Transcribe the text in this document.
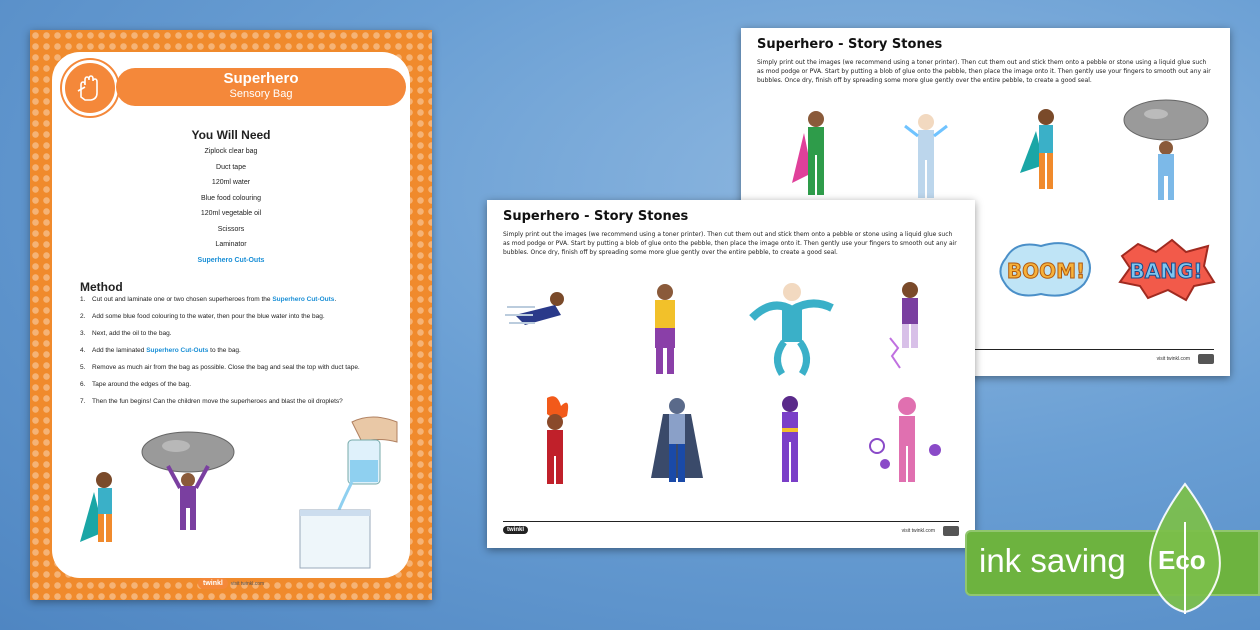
Superhero
Sensory Bag
You Will Need
Ziplock clear bag
Duct tape
120ml water
Blue food colouring
120ml vegetable oil
Scissors
Laminator
Superhero Cut-Outs
Method
1.	Cut out and laminate one or two chosen superheroes from the Superhero Cut-Outs.
2.	Add some blue food colouring to the water, then pour the blue water into the bag.
3.	Next, add the oil to the bag.
4.	Add the laminated Superhero Cut-Outs to the bag.
5.	Remove as much air from the bag as possible. Close the bag and seal the top with duct tape.
6.	Tape around the edges of the bag.
7.	Then the fun begins! Can the children move the superheroes and blast the oil droplets?
twinkl visit twinkl.com
Superhero - Story Stones
Simply print out the images (we recommend using a toner printer). Then cut them out and stick them onto a pebble or stone using a liquid glue such as mod podge or PVA. Start by putting a blob of glue onto the pebble, then place the image onto it. Then gently use your fingers to smooth out any air bubbles. Once dry, finish off by spreading some more glue gently over the entire pebble, to create a good seal.
BOOM! BANG!
visit twinkl.com
Superhero - Story Stones
Simply print out the images (we recommend using a toner printer). Then cut them out and stick them onto a pebble or stone using a liquid glue such as mod podge or PVA. Start by putting a blob of glue onto the pebble, then place the image onto it. Then gently use your fingers to smooth out any air bubbles. Once dry, finish off by spreading some more glue gently over the entire pebble, to create a good seal.
twinkl	visit twinkl.com
ink saving Eco
